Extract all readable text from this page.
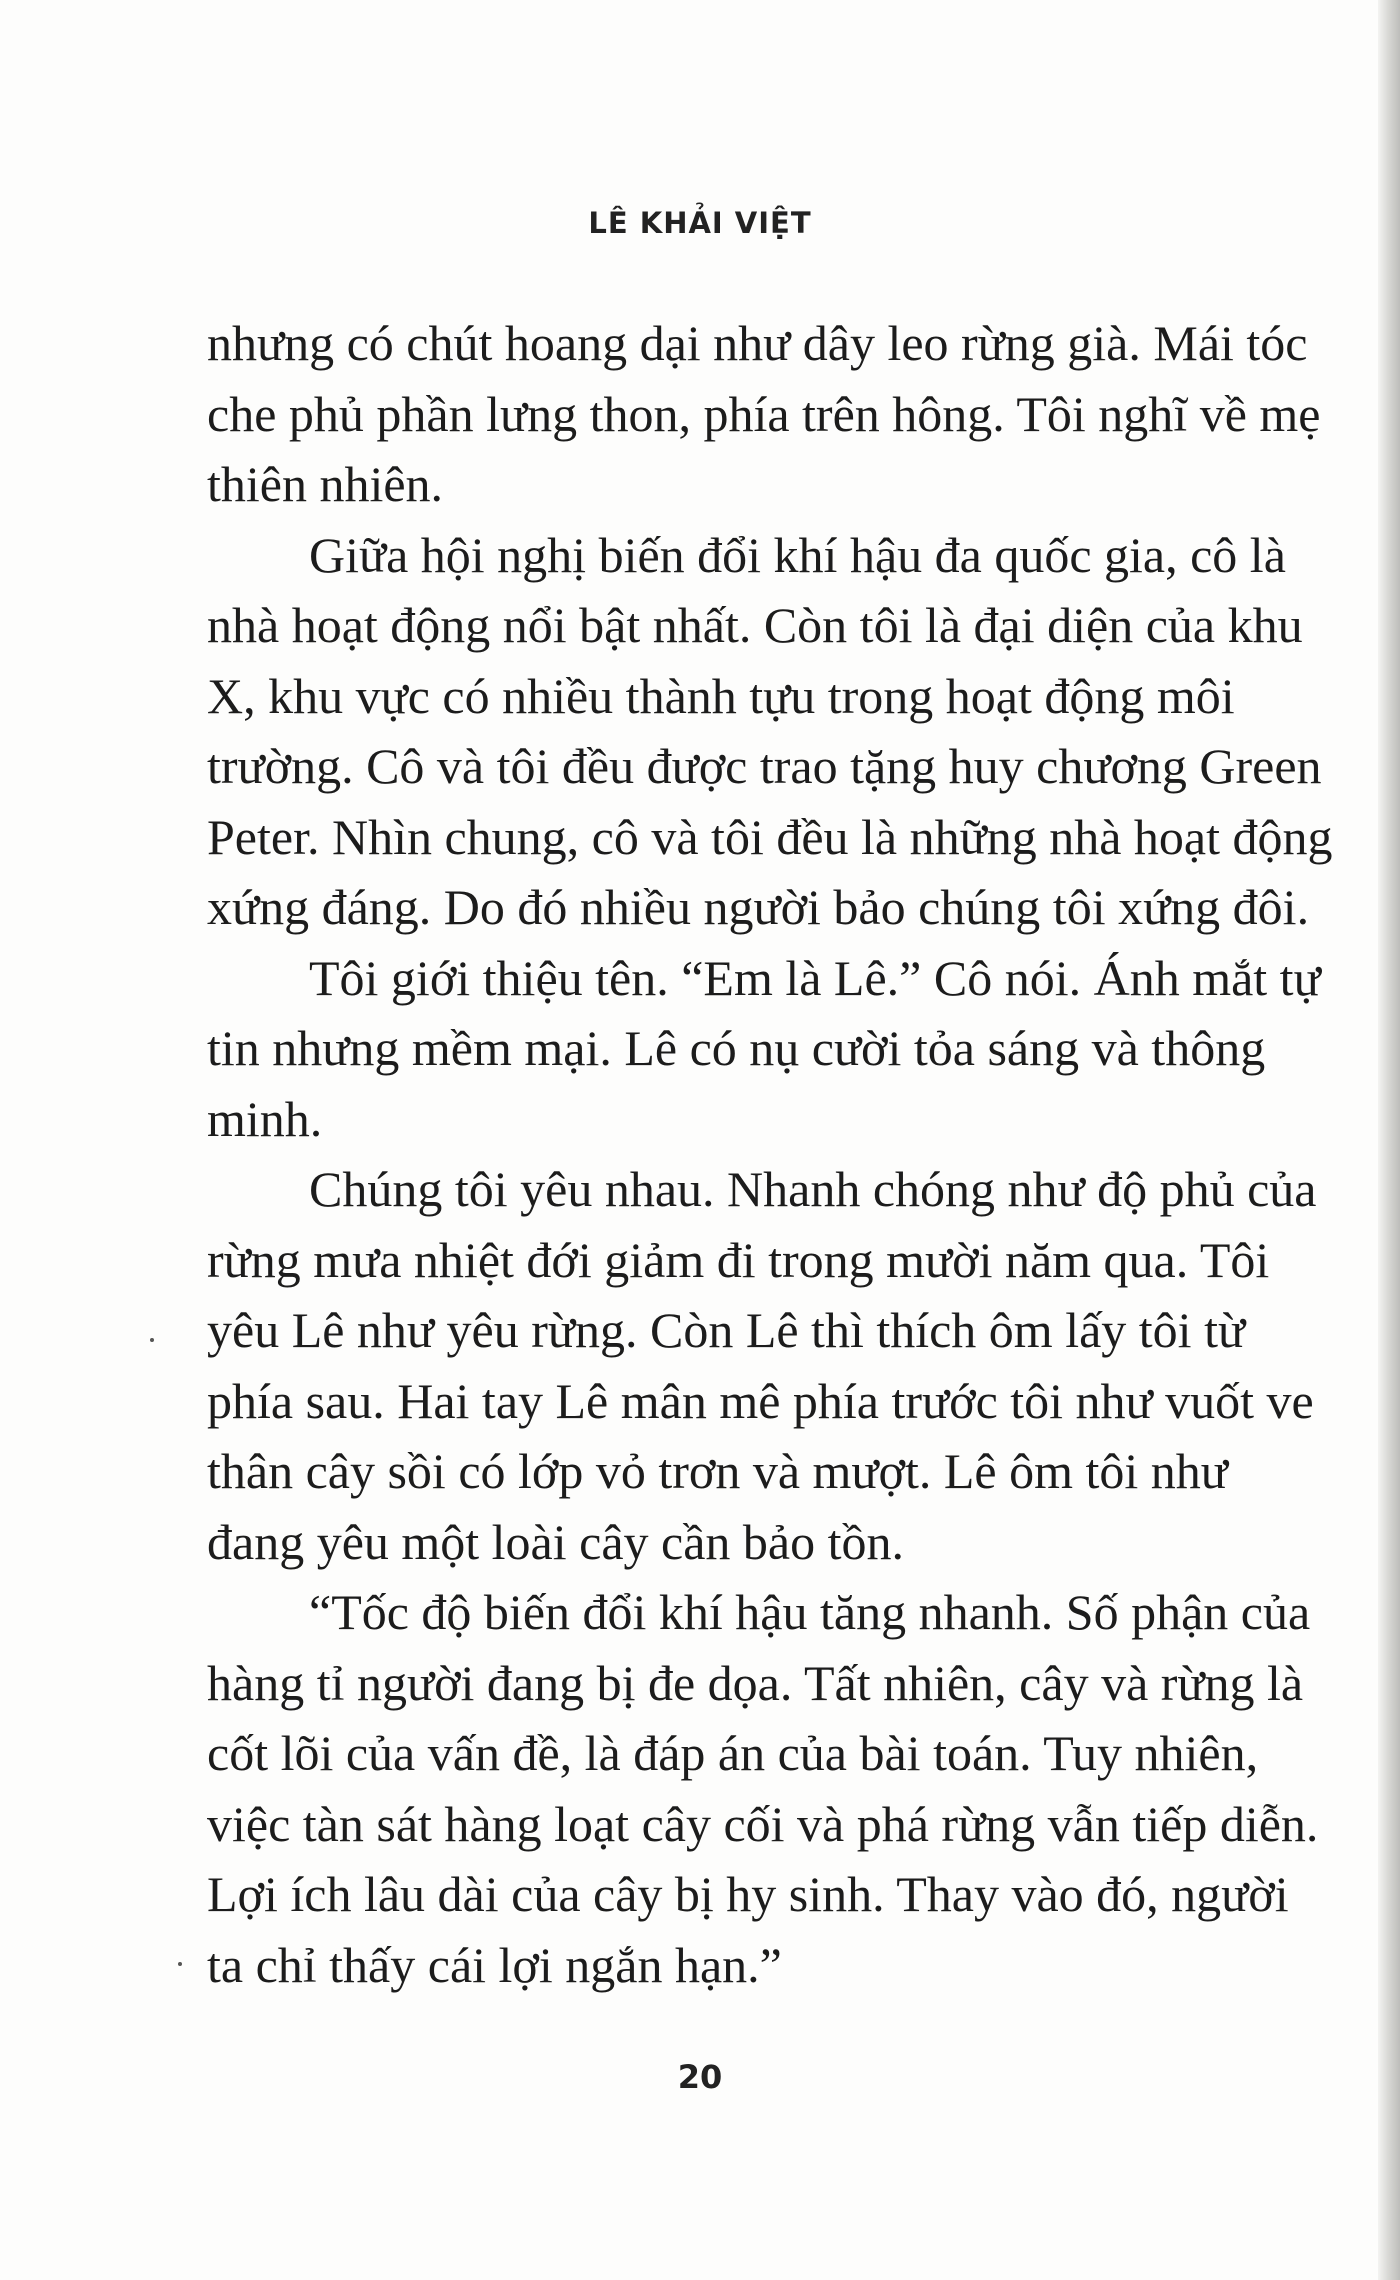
LÊ KHẢI VIỆT

nhưng có chút hoang dại như dây leo rừng già. Mái tóc che phủ phần lưng thon, phía trên hông. Tôi nghĩ về mẹ thiên nhiên.

Giữa hội nghị biến đổi khí hậu đa quốc gia, cô là nhà hoạt động nổi bật nhất. Còn tôi là đại diện của khu X, khu vực có nhiều thành tựu trong hoạt động môi trường. Cô và tôi đều được trao tặng huy chương Green Peter. Nhìn chung, cô và tôi đều là những nhà hoạt động xứng đáng. Do đó nhiều người bảo chúng tôi xứng đôi.

Tôi giới thiệu tên. “Em là Lê.” Cô nói. Ánh mắt tự tin nhưng mềm mại. Lê có nụ cười tỏa sáng và thông minh.

Chúng tôi yêu nhau. Nhanh chóng như độ phủ của rừng mưa nhiệt đới giảm đi trong mười năm qua. Tôi yêu Lê như yêu rừng. Còn Lê thì thích ôm lấy tôi từ phía sau. Hai tay Lê mân mê phía trước tôi như vuốt ve thân cây sồi có lớp vỏ trơn và mượt. Lê ôm tôi như đang yêu một loài cây cần bảo tồn.

“Tốc độ biến đổi khí hậu tăng nhanh. Số phận của hàng tỉ người đang bị đe dọa. Tất nhiên, cây và rừng là cốt lõi của vấn đề, là đáp án của bài toán. Tuy nhiên, việc tàn sát hàng loạt cây cối và phá rừng vẫn tiếp diễn. Lợi ích lâu dài của cây bị hy sinh. Thay vào đó, người ta chỉ thấy cái lợi ngắn hạn.”

20
